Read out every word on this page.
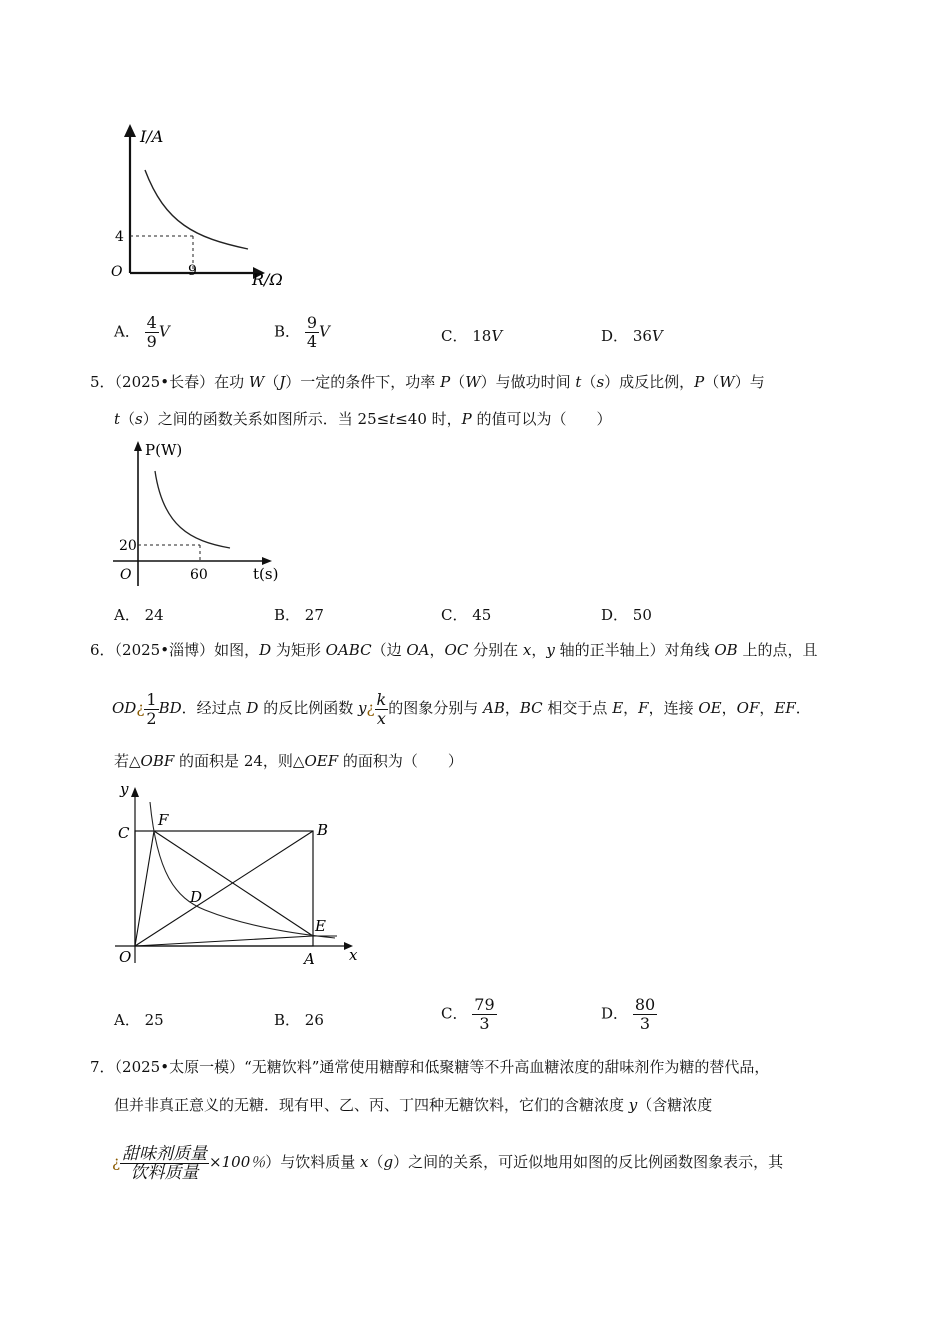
I/A
4
O	9	R/Ω
A． $\frac{4}{9}$ V	B． $\frac{9}{4}$ V	C． 18V	D． 36V
5．（2025•长春）在功 W（J）一定的条件下，功率 P（W）与做功时间 t（s）成反比例，P（W）与
t（s）之间的函数关系如图所示．当 25≤t≤40 时，P 的值可以为（　　）
P(W)
20
O	60	t(s)
A． 24	B． 27	C． 45	D． 50
6．（2025•淄博）如图，D 为矩形 OABC（边 OA，OC 分别在 x，y 轴的正半轴上）对角线 OB 上的点，且
OD¿ $\frac{1}{2}$ BD．经过点 D 的反比例函数 y¿ $\frac{k}{x}$ 的图象分别与 AB，BC 相交于点 E，F，连接 OE，OF，EF．
若△OBF 的面积是 24，则△OEF 的面积为（　　）
y
C
F
B
D
E
O	A x
A． 25	B． 26	C． $\frac{79}{3}$	D． $\frac{80}{3}$
7．（2025•太原一模）“无糖饮料”通常使用糖醇和低聚糖等不升高血糖浓度的甜味剂作为糖的替代品，
但并非真正意义的无糖．现有甲、乙、丙、丁四种无糖饮料，它们的含糖浓度 y（含糖浓度
¿ $\frac{\text{甜味剂质量}}{\text{饮料质量}} \times 100$％）与饮料质量 x（g）之间的关系，可近似地用如图的反比例函数图象表示，其
